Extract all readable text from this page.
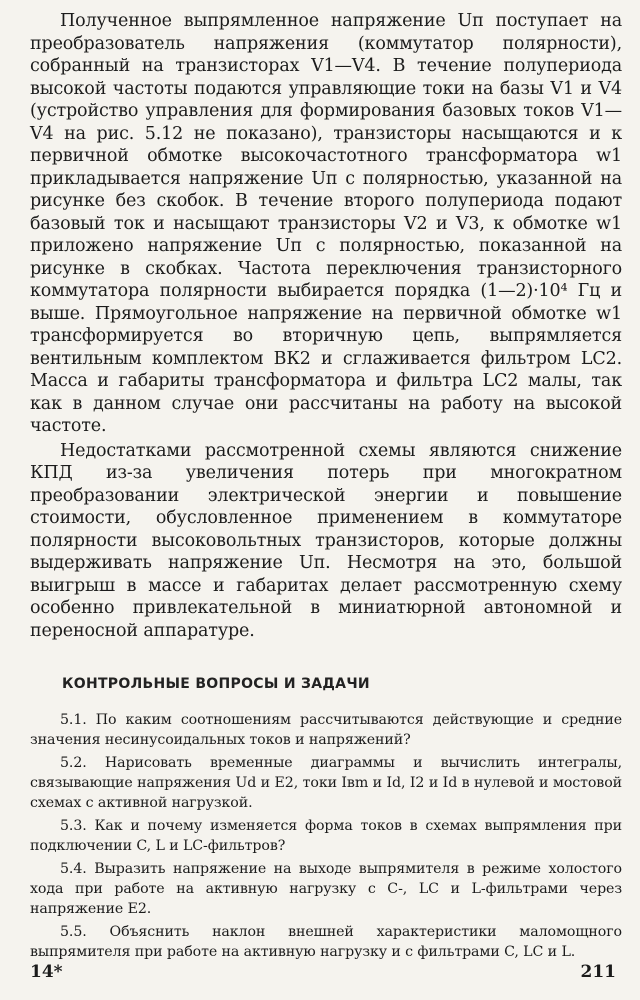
Полученное выпрямленное напряжение Uп поступает на преобразователь напряжения (коммутатор полярности), собранный на транзисторах V1—V4. В течение полупериода высокой частоты подаются управляющие токи на базы V1 и V4 (устройство управления для формирования базовых токов V1—V4 на рис. 5.12 не показано), транзисторы насыщаются и к первичной обмотке высокочастотного трансформатора w1 прикладывается напряжение Uп с полярностью, указанной на рисунке без скобок. В течение второго полупериода подают базовый ток и насыщают транзисторы V2 и V3, к обмотке w1 приложено напряжение Uп с полярностью, показанной на рисунке в скобках. Частота переключения транзисторного коммутатора полярности выбирается порядка (1—2)·10⁴ Гц и выше. Прямоугольное напряжение на первичной обмотке w1 трансформируется во вторичную цепь, выпрямляется вентильным комплектом ВК2 и сглаживается фильтром LC2. Масса и габариты трансформатора и фильтра LC2 малы, так как в данном случае они рассчитаны на работу на высокой частоте.

Недостатками рассмотренной схемы являются снижение КПД из-за увеличения потерь при многократном преобразовании электрической энергии и повышение стоимости, обусловленное применением в коммутаторе полярности высоковольтных транзисторов, которые должны выдерживать напряжение Uп. Несмотря на это, большой выигрыш в массе и габаритах делает рассмотренную схему особенно привлекательной в миниатюрной автономной и переносной аппаратуре.

КОНТРОЛЬНЫЕ ВОПРОСЫ И ЗАДАЧИ

5.1. По каким соотношениям рассчитываются действующие и средние значения несинусоидальных токов и напряжений?

5.2. Нарисовать временные диаграммы и вычислить интегралы, связывающие напряжения Ud и E2, токи Iвm и Id, I2 и Id в нулевой и мостовой схемах с активной нагрузкой.

5.3. Как и почему изменяется форма токов в схемах выпрямления при подключении C, L и LC-фильтров?

5.4. Выразить напряжение на выходе выпрямителя в режиме холостого хода при работе на активную нагрузку с C-, LC и L-фильтрами через напряжение E2.

5.5. Объяснить наклон внешней характеристики маломощного выпрямителя при работе на активную нагрузку и с фильтрами C, LC и L.

14*	211
